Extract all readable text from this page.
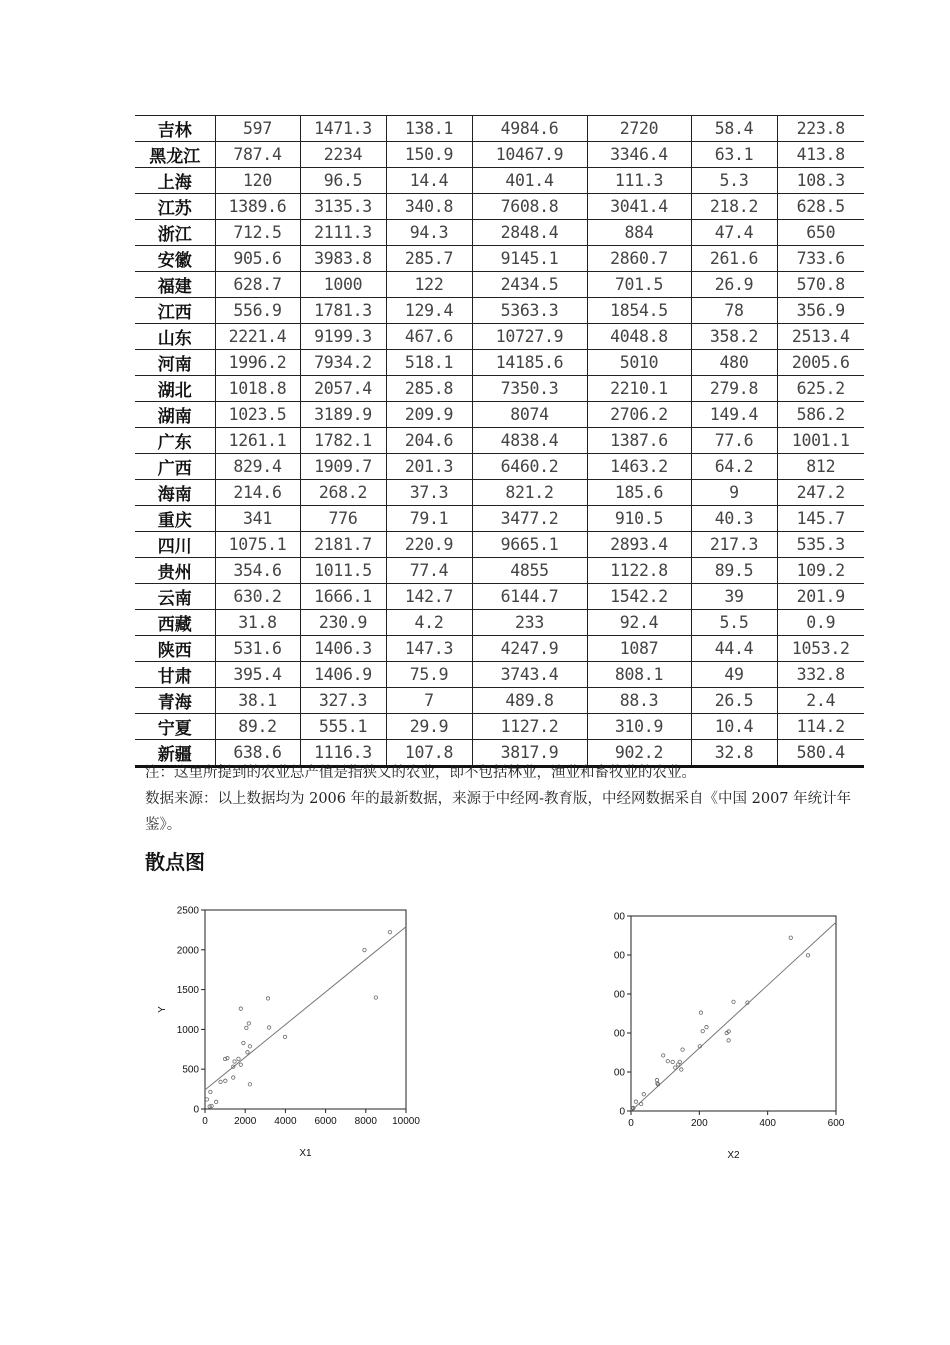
吉林	597	1471.3	138.1	4984.6	2720	58.4	223.8
黑龙江	787.4	2234	150.9	10467.9	3346.4	63.1	413.8
上海	120	96.5	14.4	401.4	111.3	5.3	108.3
江苏	1389.6	3135.3	340.8	7608.8	3041.4	218.2	628.5
浙江	712.5	2111.3	94.3	2848.4	884	47.4	650
安徽	905.6	3983.8	285.7	9145.1	2860.7	261.6	733.6
福建	628.7	1000	122	2434.5	701.5	26.9	570.8
江西	556.9	1781.3	129.4	5363.3	1854.5	78	356.9
山东	2221.4	9199.3	467.6	10727.9	4048.8	358.2	2513.4
河南	1996.2	7934.2	518.1	14185.6	5010	480	2005.6
湖北	1018.8	2057.4	285.8	7350.3	2210.1	279.8	625.2
湖南	1023.5	3189.9	209.9	8074	2706.2	149.4	586.2
广东	1261.1	1782.1	204.6	4838.4	1387.6	77.6	1001.1
广西	829.4	1909.7	201.3	6460.2	1463.2	64.2	812
海南	214.6	268.2	37.3	821.2	185.6	9	247.2
重庆	341	776	79.1	3477.2	910.5	40.3	145.7
四川	1075.1	2181.7	220.9	9665.1	2893.4	217.3	535.3
贵州	354.6	1011.5	77.4	4855	1122.8	89.5	109.2
云南	630.2	1666.1	142.7	6144.7	1542.2	39	201.9
西藏	31.8	230.9	4.2	233	92.4	5.5	0.9
陕西	531.6	1406.3	147.3	4247.9	1087	44.4	1053.2
甘肃	395.4	1406.9	75.9	3743.4	808.1	49	332.8
青海	38.1	327.3	7	489.8	88.3	26.5	2.4
宁夏	89.2	555.1	29.9	1127.2	310.9	10.4	114.2
新疆	638.6	1116.3	107.8	3817.9	902.2	32.8	580.4
注：这里所提到的农业总产值是指狭义的农业，即不包括林业，渔业和畜牧业的农业。
数据来源：以上数据均为 2006 年的最新数据，来源于中经网-教育版，中经网数据采自《中国 2007 年统计年鉴》。
散点图
0
500
1000
1500
2000
2500
0	2000 4000 6000 8000 10000
X1
Y
0
00
00
00
00
00
0	200	400	600
X2
